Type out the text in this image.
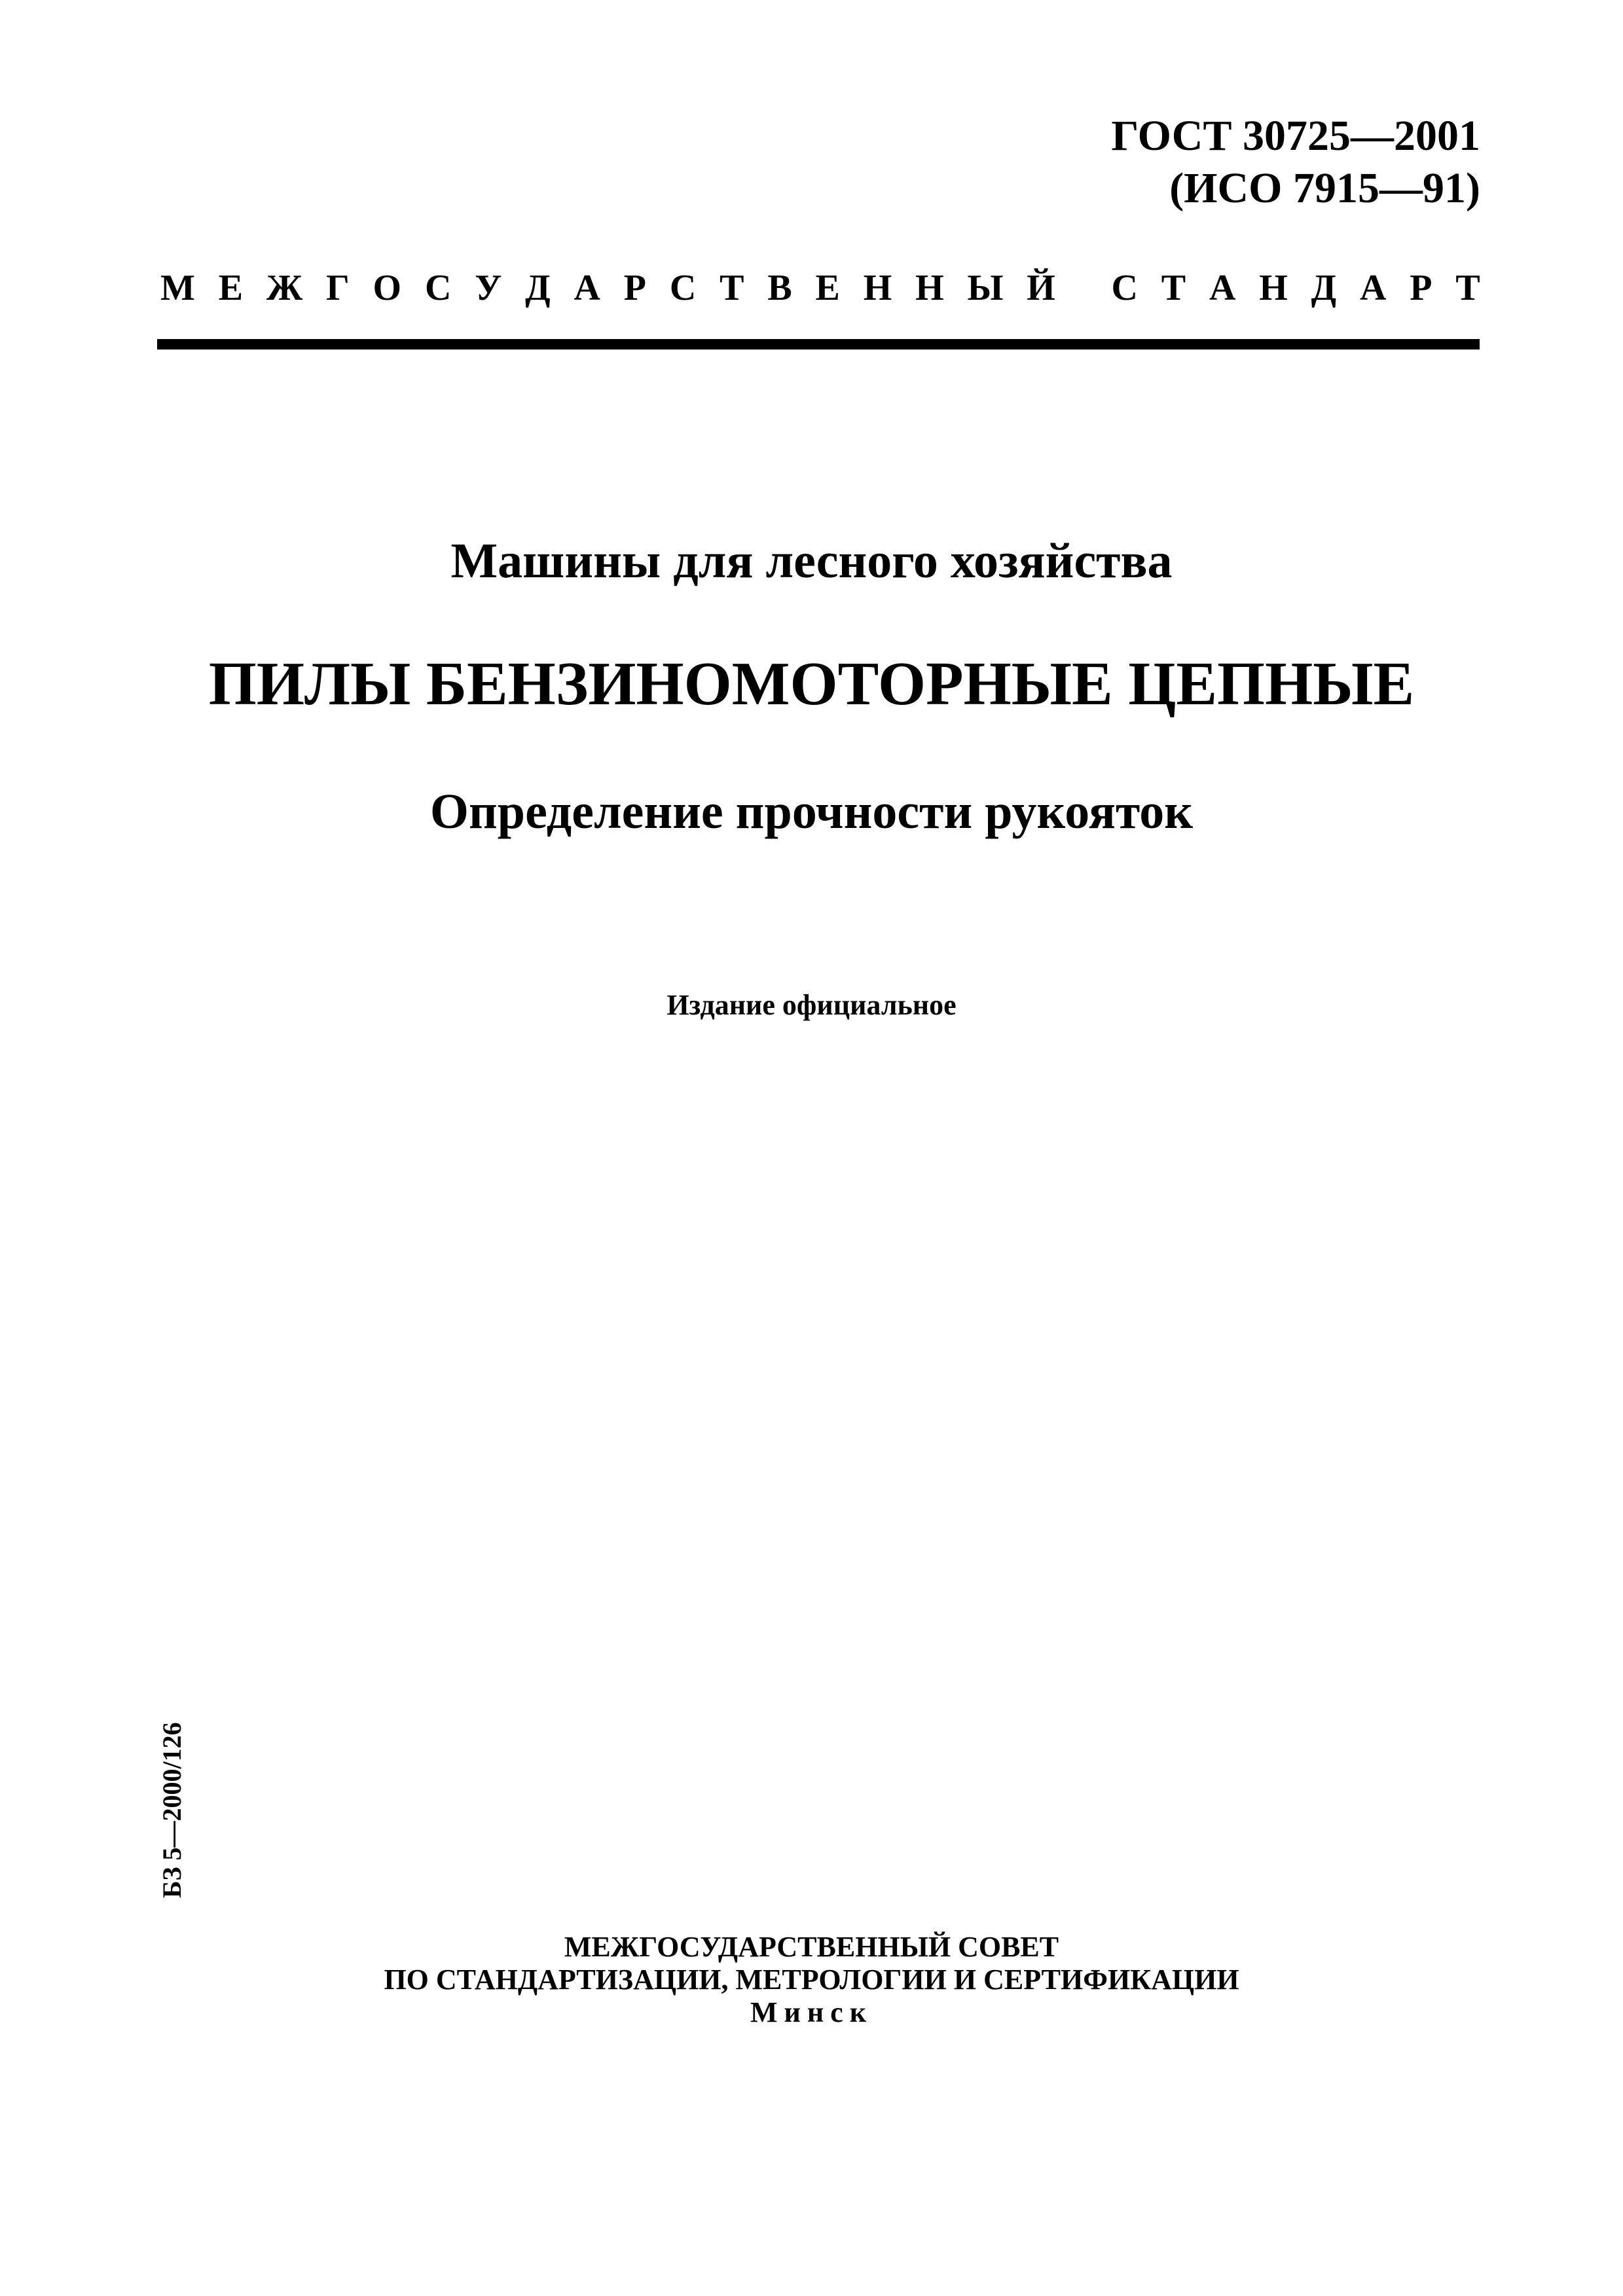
ГОСТ 30725—2001
(ИСО 7915—91)
М Е Ж Г О С У Д А Р С Т В Е Н Н Ы Й
С Т А Н Д А Р Т
Машины для лесного хозяйства
ПИЛЫ БЕНЗИНОМОТОРНЫЕ ЦЕПНЫЕ
Определение прочности рукояток
Издание официальное
БЗ 5—2000/126
МЕЖГОСУДАРСТВЕННЫЙ СОВЕТ
ПО СТАНДАРТИЗАЦИИ, МЕТРОЛОГИИ И СЕРТИФИКАЦИИ
Минск
